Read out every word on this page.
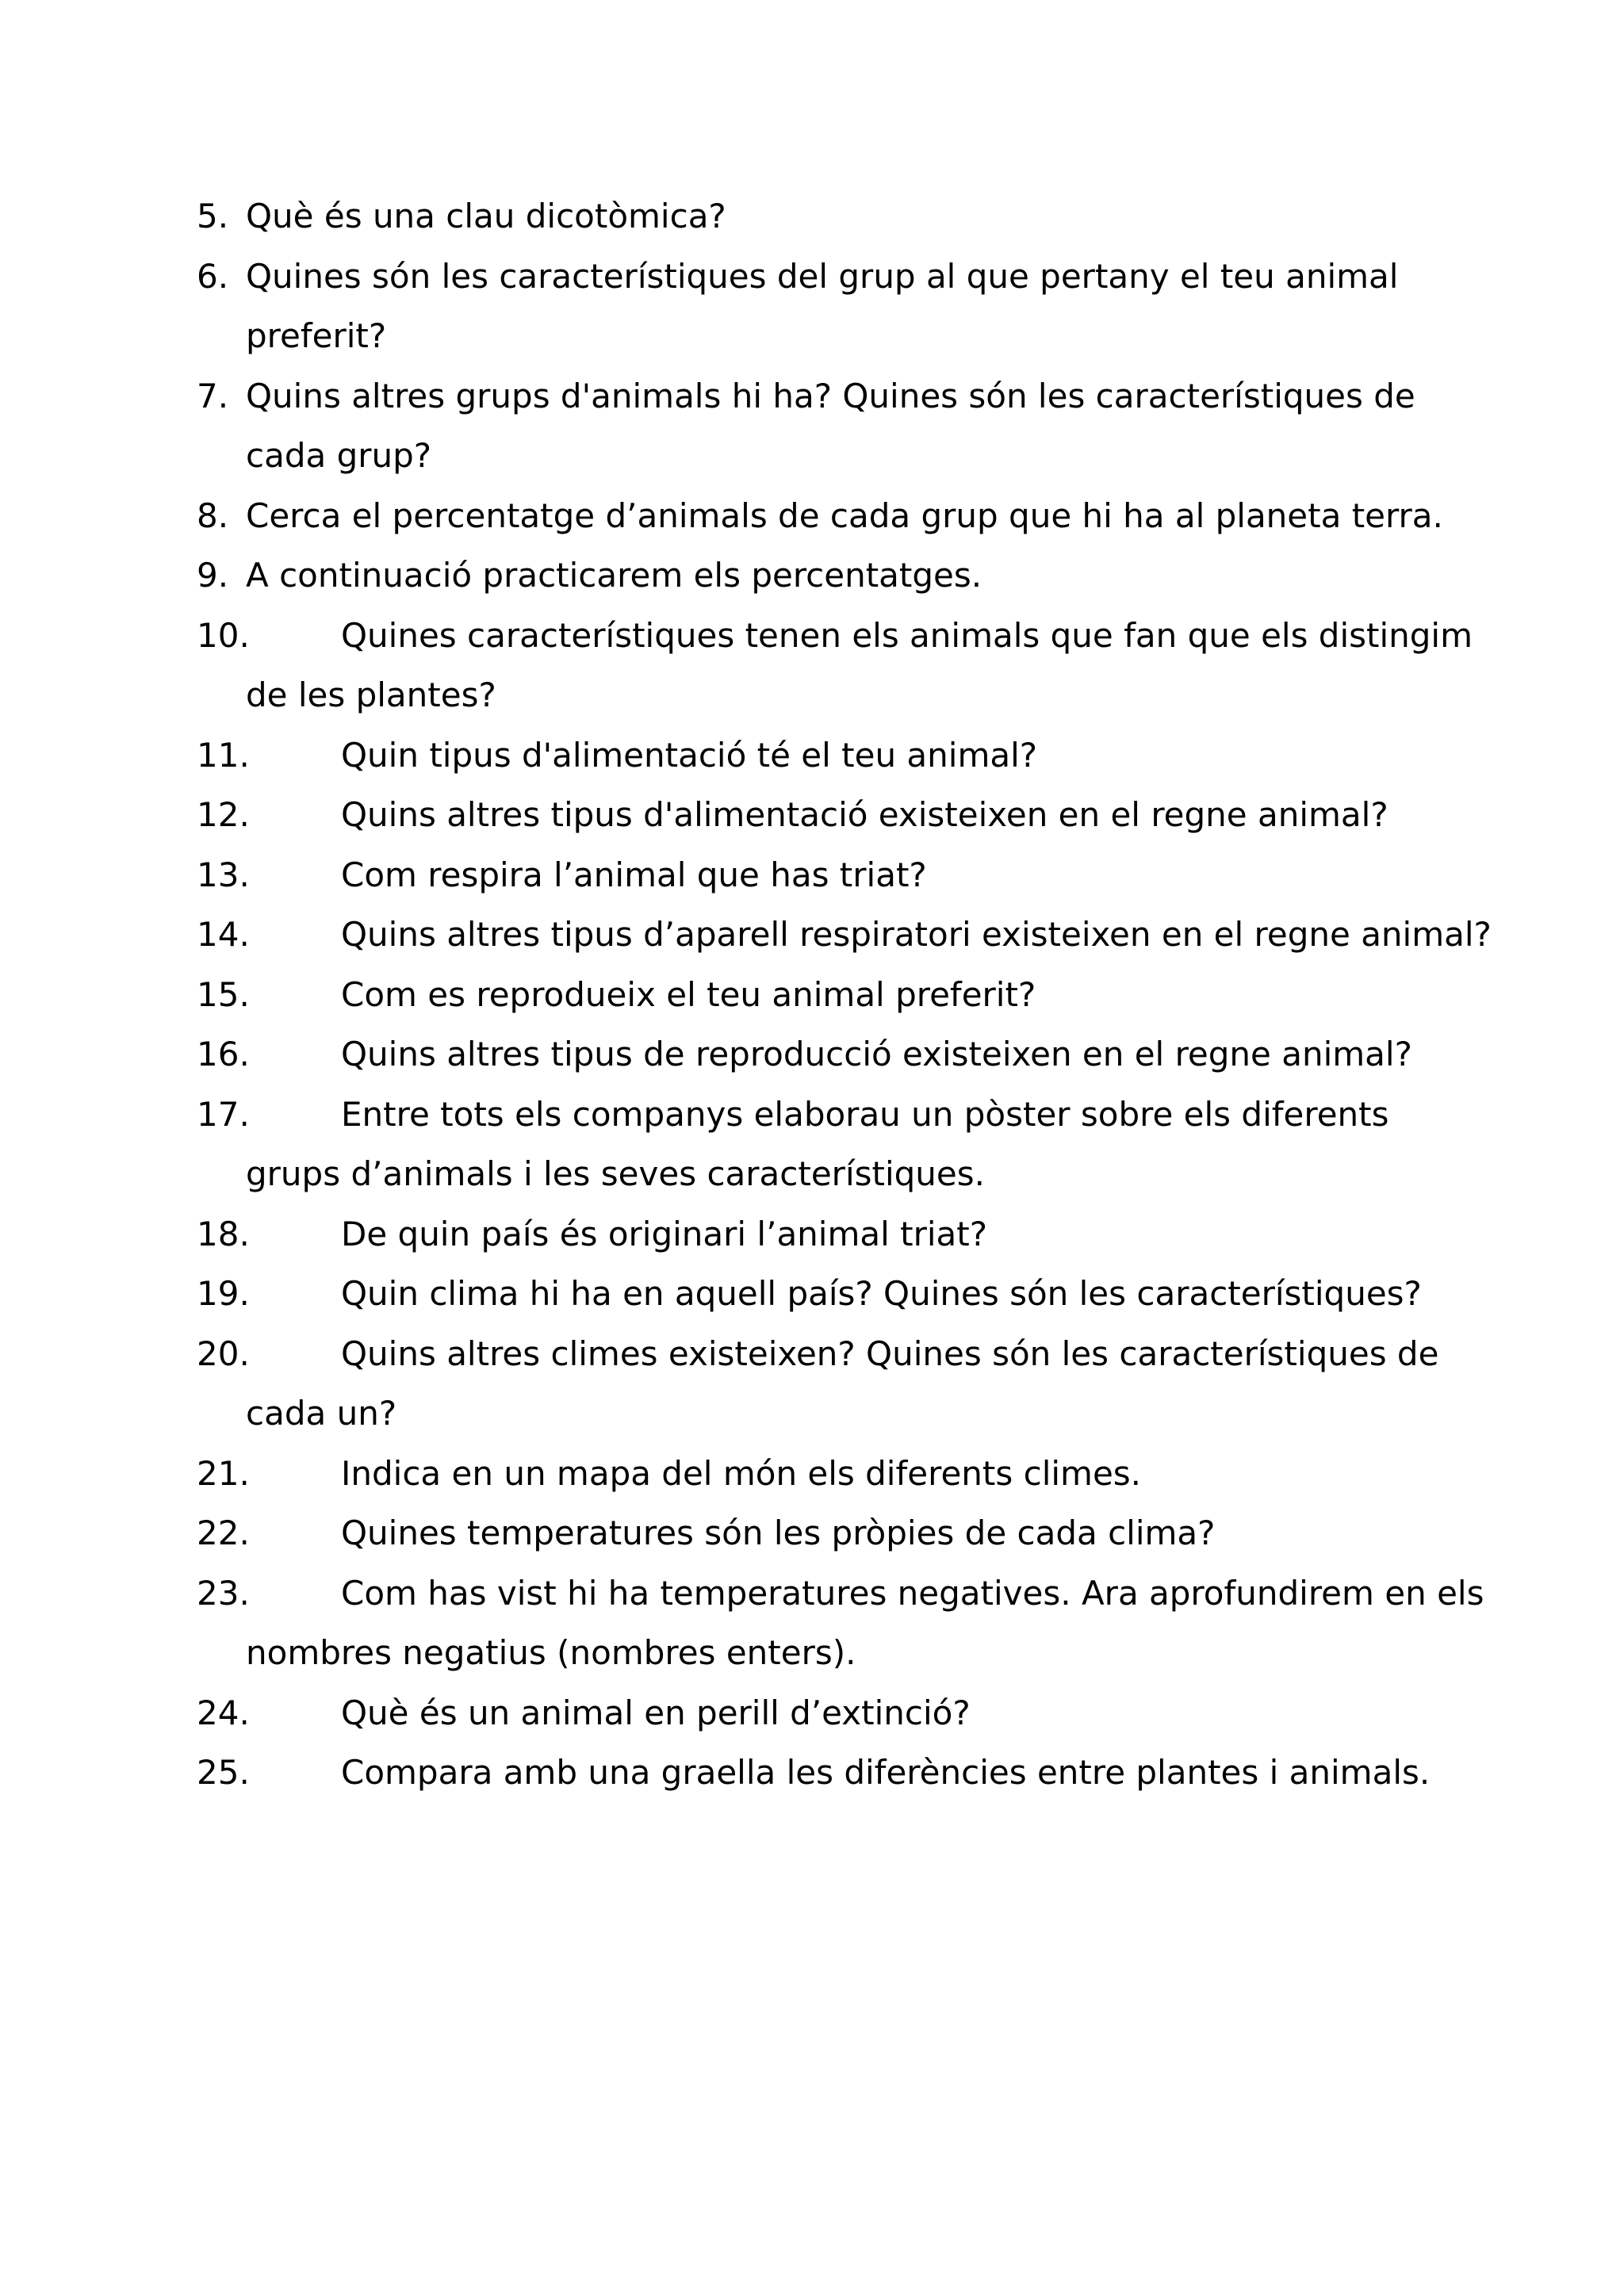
5. Què és una clau dicotòmica?
6. Quines són les característiques del grup al que pertany el teu animal
preferit?
7. Quins altres grups d'animals hi ha? Quines són les característiques de
cada grup?
8. Cerca el percentatge d’animals de cada grup que hi ha al planeta terra.
9. A continuació practicarem els percentatges.
10.	Quines característiques tenen els animals que fan que els distingim
de les plantes?
11.	Quin tipus d'alimentació té el teu animal?
12.	Quins altres tipus d'alimentació existeixen en el regne animal?
13.	Com respira l’animal que has triat?
14.	Quins altres tipus d’aparell respiratori existeixen en el regne animal?
15.	Com es reprodueix el teu animal preferit?
16.	Quins altres tipus de reproducció existeixen en el regne animal?
17.	Entre tots els companys elaborau un pòster sobre els diferents
grups d’animals i les seves característiques.
18.	De quin país és originari l’animal triat?
19.	Quin clima hi ha en aquell país? Quines són les característiques?
20.	Quins altres climes existeixen? Quines són les característiques de
cada un?
21.	Indica en un mapa del món els diferents climes.
22.	Quines temperatures són les pròpies de cada clima?
23.	Com has vist hi ha temperatures negatives. Ara aprofundirem en els
nombres negatius (nombres enters).
24.	Què és un animal en perill d’extinció?
25.	Compara amb una graella les diferències entre plantes i animals.
